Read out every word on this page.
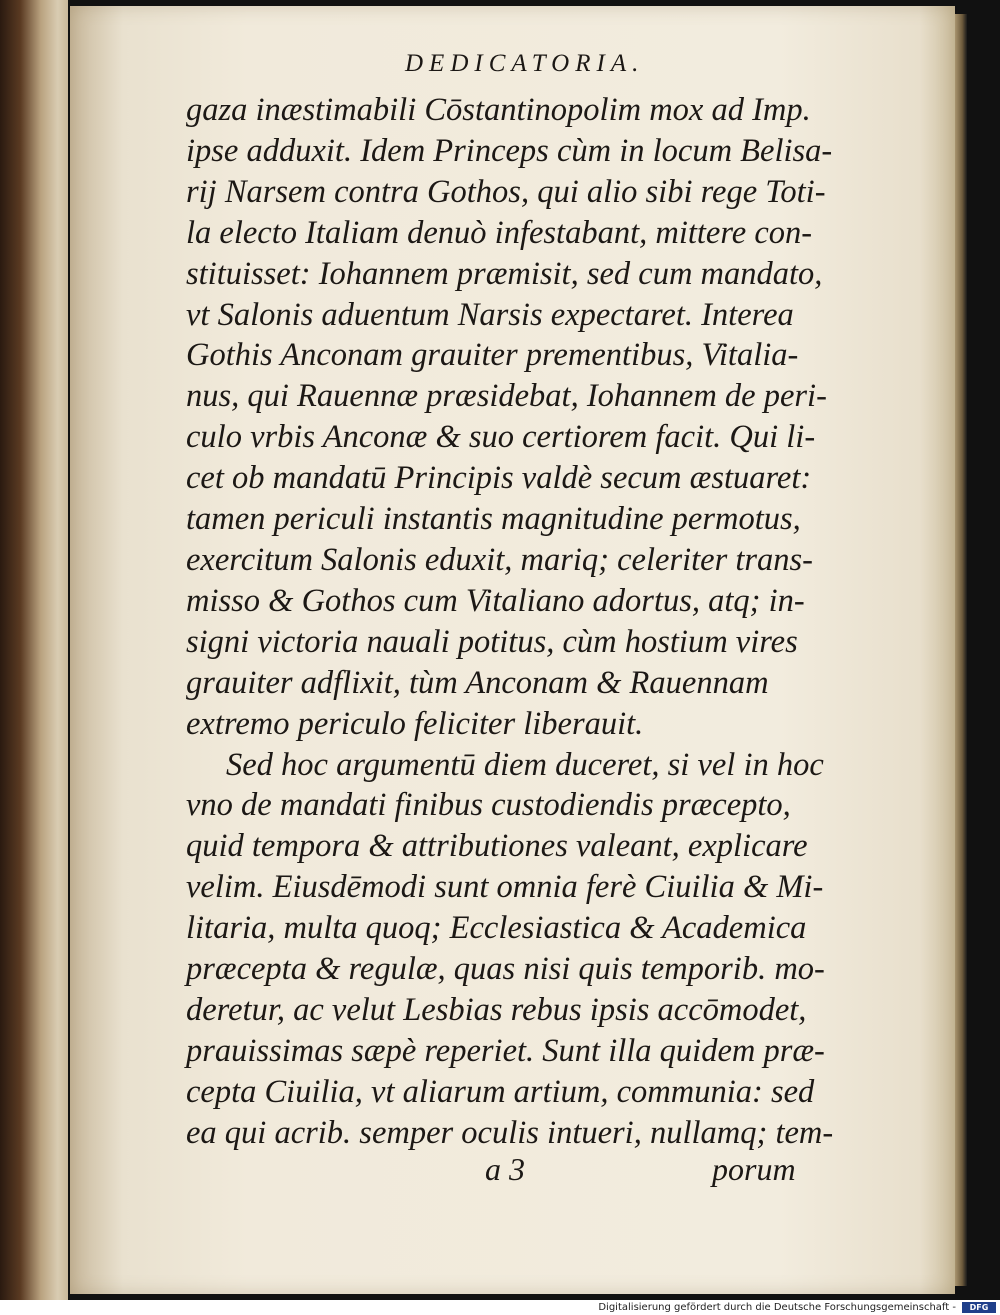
DEDICATORIA.
gaza inæstimabili Cōstantinopolim mox ad Imp.
ipse adduxit. Idem Princeps cùm in locum Belisa-
rij Narsem contra Gothos, qui alio sibi rege Toti-
la electo Italiam denuò infestabant, mittere con-
stituisset: Iohannem præmisit, sed cum mandato,
vt Salonis aduentum Narsis expectaret. Interea
Gothis Anconam grauiter prementibus, Vitalia-
nus, qui Rauennæ præsidebat, Iohannem de peri-
culo vrbis Anconæ & suo certiorem facit. Qui li-
cet ob mandatū Principis valdè secum æstuaret:
tamen periculi instantis magnitudine permotus,
exercitum Salonis eduxit, mariq; celeriter trans-
misso & Gothos cum Vitaliano adortus, atq; in-
signi victoria nauali potitus, cùm hostium vires
grauiter adflixit, tùm Anconam & Rauennam
extremo periculo feliciter liberauit.
Sed hoc argumentū diem duceret, si vel in hoc
vno de mandati finibus custodiendis præcepto,
quid tempora & attributiones valeant, explicare
velim. Eiusdēmodi sunt omnia ferè Ciuilia & Mi-
litaria, multa quoq; Ecclesiastica & Academica
præcepta & regulæ, quas nisi quis temporib. mo-
deretur, ac velut Lesbias rebus ipsis accōmodet,
prauissimas sæpè reperiet. Sunt illa quidem præ-
cepta Ciuilia, vt aliarum artium, communia: sed
ea qui acrib. semper oculis intueri, nullamq; tem-
a 3	porum
Digitalisierung gefördert durch die Deutsche Forschungsgemeinschaft -	DFG
